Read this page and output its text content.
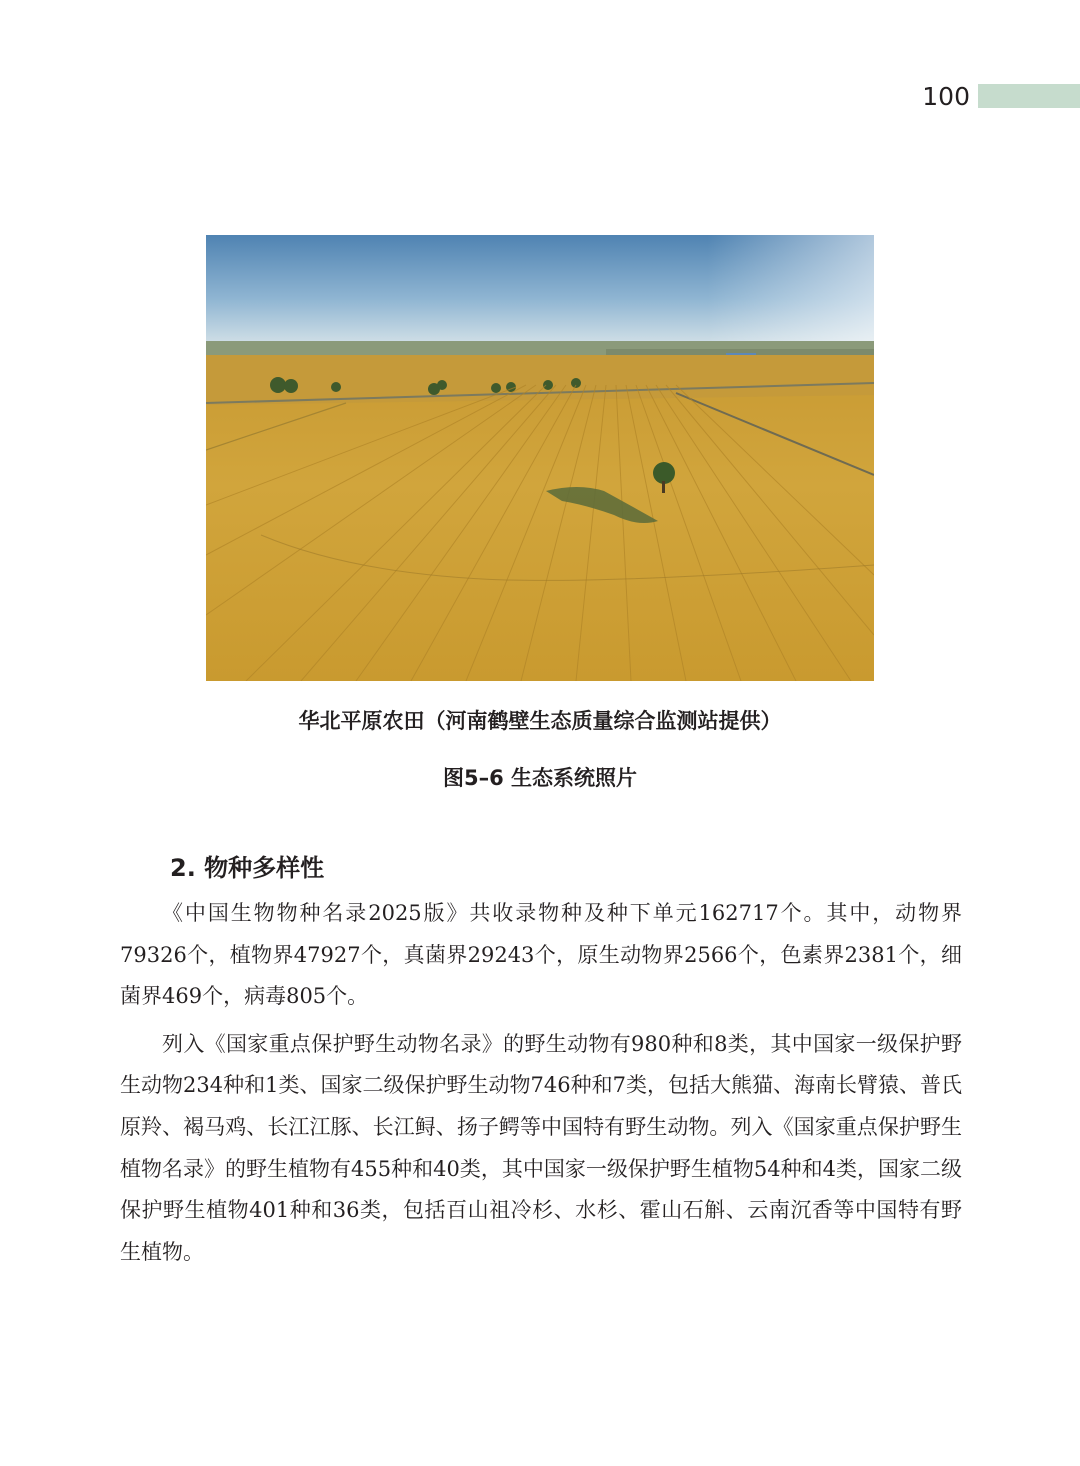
100
华北平原农田（河南鹤壁生态质量综合监测站提供）
图5–6 生态系统照片
2. 物种多样性

《中国生物物种名录2025版》共收录物种及种下单元162717个。其中，动物界79326个，植物界47927个，真菌界29243个，原生动物界2566个，色素界2381个，细菌界469个，病毒805个。

列入《国家重点保护野生动物名录》的野生动物有980种和8类，其中国家一级保护野生动物234种和1类、国家二级保护野生动物746种和7类，包括大熊猫、海南长臂猿、普氏原羚、褐马鸡、长江江豚、长江鲟、扬子鳄等中国特有野生动物。列入《国家重点保护野生植物名录》的野生植物有455种和40类，其中国家一级保护野生植物54种和4类，国家二级保护野生植物401种和36类，包括百山祖冷杉、水杉、霍山石斛、云南沉香等中国特有野生植物。
